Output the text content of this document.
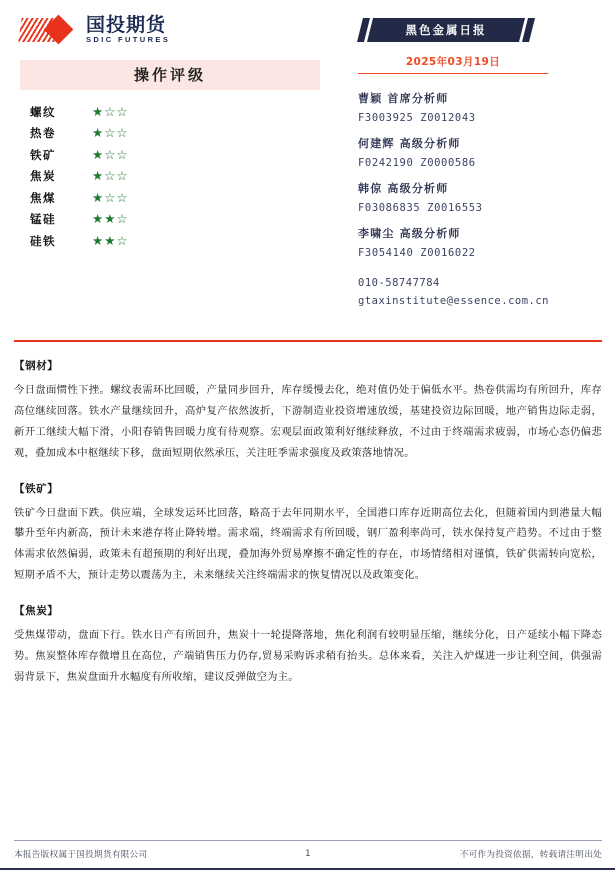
国投期货
SDIC FUTURES
操作评级
螺纹	★☆☆
热卷	★☆☆
铁矿	★☆☆
焦炭	★☆☆
焦煤	★☆☆
锰硅	★★☆
硅铁	★★☆
黑色金属日报
2025年03月19日
曹颖 首席分析师
F3003925 Z0012043
何建辉 高级分析师
F0242190 Z0000586
韩倞 高级分析师
F03086835 Z0016553
李啸尘 高级分析师
F3054140 Z0016022
010-58747784
gtaxinstitute@essence.com.cn
【钢材】
今日盘面惯性下挫。螺纹表需环比回暖，产量同步回升，库存缓慢去化，绝对值仍处于偏低水平。热卷供需均有所回升，库存高位继续回落。铁水产量继续回升，高炉复产依然波折，下游制造业投资增速放缓，基建投资边际回暖，地产销售边际走弱，新开工继续大幅下滑，小阳春销售回暖力度有待观察。宏观层面政策利好继续释放，不过由于终端需求疲弱，市场心态仍偏悲观，叠加成本中枢继续下移，盘面短期依然承压，关注旺季需求强度及政策落地情况。
【铁矿】
铁矿今日盘面下跌。供应端，全球发运环比回落，略高于去年同期水平，全国港口库存近期高位去化，但随着国内到港量大幅攀升至年内新高，预计未来港存将止降转增。需求端，终端需求有所回暖，钢厂盈利率尚可，铁水保持复产趋势。不过由于整体需求依然偏弱，政策未有超预期的利好出现，叠加海外贸易摩擦不确定性的存在，市场情绪相对谨慎，铁矿供需转向宽松，短期矛盾不大，预计走势以震荡为主，未来继续关注终端需求的恢复情况以及政策变化。
【焦炭】
受焦煤带动，盘面下行。铁水日产有所回升，焦炭十一轮提降落地，焦化利润有较明显压缩，继续分化，日产延续小幅下降态势。焦炭整体库存微增且在高位，产端销售压力仍存,贸易采购诉求稍有抬头。总体来看，关注入炉煤进一步让利空间，供强需弱背景下，焦炭盘面升水幅度有所收缩，建议反弹做空为主。
本报告版权属于国投期货有限公司	1	不可作为投资依据，转载请注明出处
